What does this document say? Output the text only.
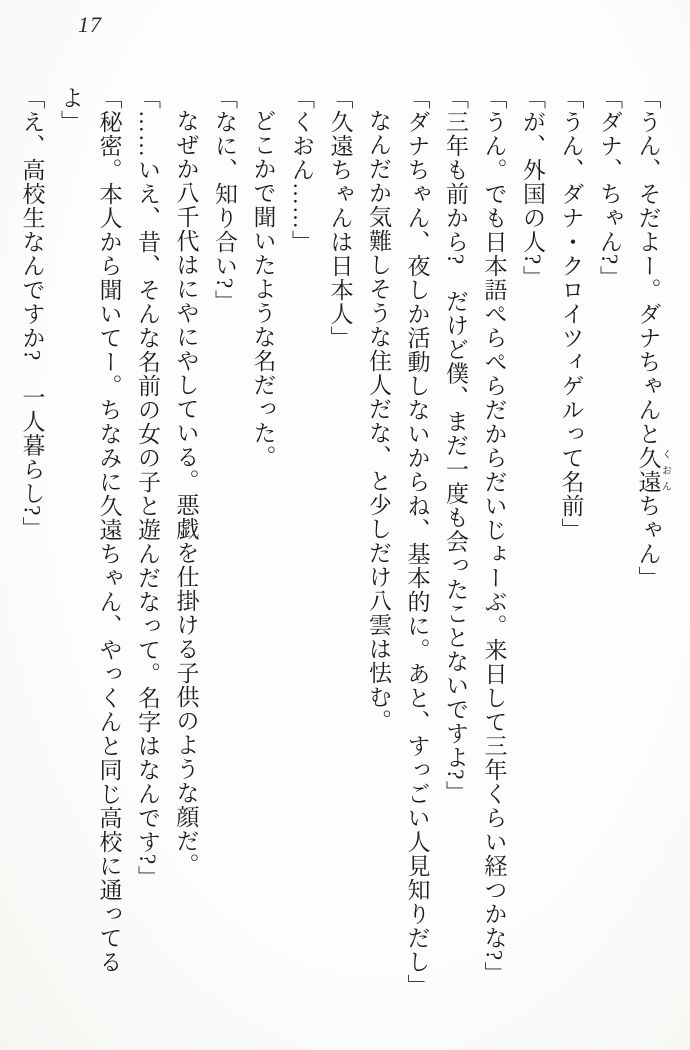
17

「うん、そだよー。ダナちゃんと久遠 くおんちゃん」

「ダナ、ちゃん?」

「うん、ダナ・クロイツィゲルって名前」

「が、外国の人?」

「うん。でも日本語ぺらぺらだからだいじょーぶ。来日して三年くらい経つかな?」

「三年も前から?　だけど僕、まだ一度も会ったことないですよ?」

「ダナちゃん、夜しか活動しないからね、基本的に。あと、すっごい人見知りだし」

なんだか気難しそうな住人だな、と少しだけ八雲は怯む。

「久遠ちゃんは日本人」

「くおん……」

どこかで聞いたような名だった。

「なに、知り合い?」

なぜか八千代はにやにやしている。悪戯を仕掛ける子供のような顔だ。

「……いえ、昔、そんな名前の女の子と遊んだなって。名字はなんです?」

「秘密。本人から聞いてー。ちなみに久遠ちゃん、やっくんと同じ高校に通ってるよ」

「え、高校生なんですか?　一人暮らし?」
